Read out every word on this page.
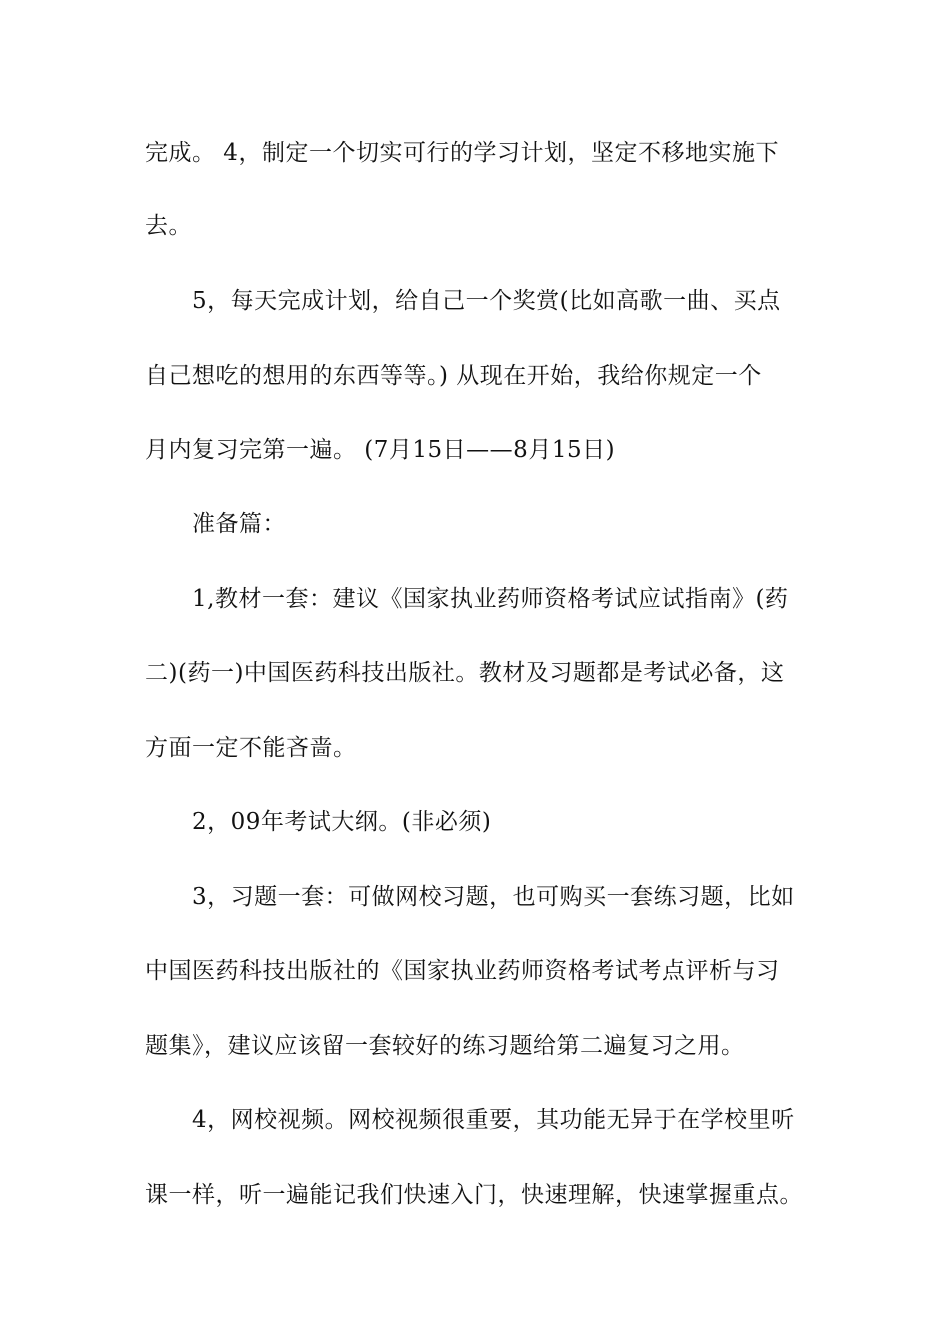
完成。 4，制定一个切实可行的学习计划，坚定不移地实施下
去。
5，每天完成计划，给自己一个奖赏(比如高歌一曲、买点
自己想吃的想用的东西等等。) 从现在开始，我给你规定一个
月内复习完第一遍。 (7月15日——8月15日)
准备篇：
1,教材一套：建议《国家执业药师资格考试应试指南》(药
二)(药一)中国医药科技出版社。教材及习题都是考试必备，这
方面一定不能吝啬。
2，09年考试大纲。(非必须)
3，习题一套：可做网校习题，也可购买一套练习题，比如
中国医药科技出版社的《国家执业药师资格考试考点评析与习
题集》，建议应该留一套较好的练习题给第二遍复习之用。
4，网校视频。网校视频很重要，其功能无异于在学校里听
课一样，听一遍能记我们快速入门，快速理解，快速掌握重点。
